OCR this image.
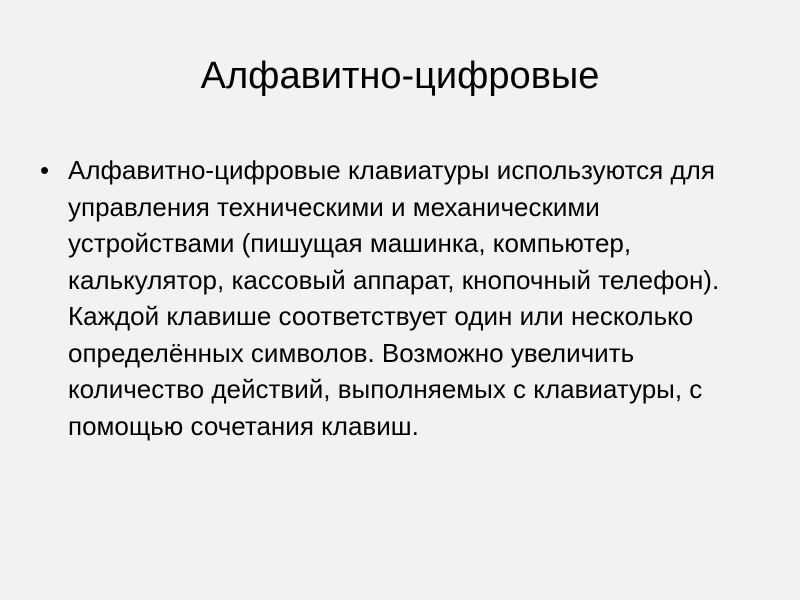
Алфавитно-цифровые
• Алфавитно-цифровые клавиатуры используются для управления техническими и механическими устройствами (пишущая машинка, компьютер, калькулятор, кассовый аппарат, кнопочный телефон). Каждой клавише соответствует один или несколько определённых символов. Возможно увеличить количество действий, выполняемых с клавиатуры, с помощью сочетания клавиш.
